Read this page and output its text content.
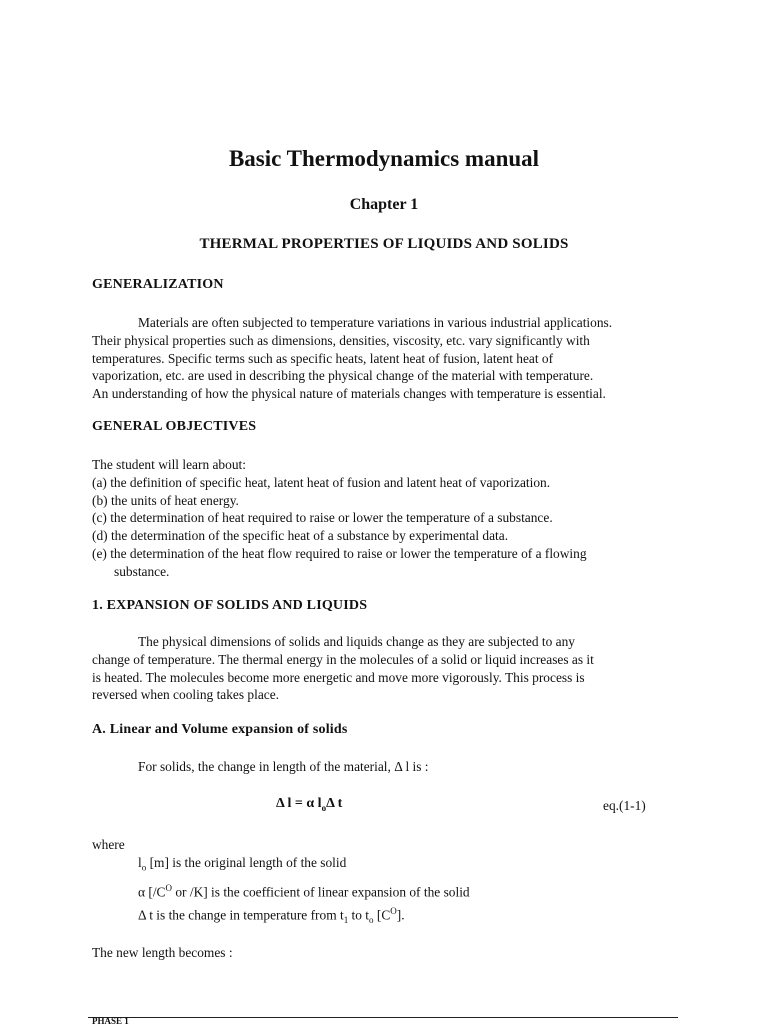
Basic Thermodynamics manual
Chapter 1
THERMAL PROPERTIES OF LIQUIDS AND SOLIDS
GENERALIZATION
Materials are often subjected to temperature variations in various industrial applications.
Their physical properties such as dimensions, densities, viscosity, etc. vary significantly with
temperatures. Specific terms such as specific heats, latent heat of fusion, latent heat of
vaporization, etc. are used in describing the physical change of the material with temperature.
An understanding of how the physical nature of materials changes with temperature is essential.
GENERAL OBJECTIVES
The student will learn about:
(a) the definition of specific heat, latent heat of fusion and latent heat of vaporization.
(b) the units of heat energy.
(c) the determination of heat required to raise or lower the temperature of a substance.
(d) the determination of the specific heat of a substance by experimental data.
(e) the determination of the heat flow required to raise or lower the temperature of a flowing
substance.
1. EXPANSION OF SOLIDS AND LIQUIDS
The physical dimensions of solids and liquids change as they are subjected to any
change of temperature. The thermal energy in the molecules of a solid or liquid increases as it
is heated. The molecules become more energetic and move more vigorously. This process is
reversed when cooling takes place.
A. Linear and Volume expansion of solids
For solids, the change in length of the material, Δ l is :
Δ l = α $l_o\Delta$ t	eq.(1-1)
where
$l_o$ [m] is the original length of the solid
α [$/C^O$ or /K] is the coefficient of linear expansion of the solid
Δ t is the change in temperature from $t_1$ to $t_o$ $[C^O]$.
The new length becomes :
PHASE 1
